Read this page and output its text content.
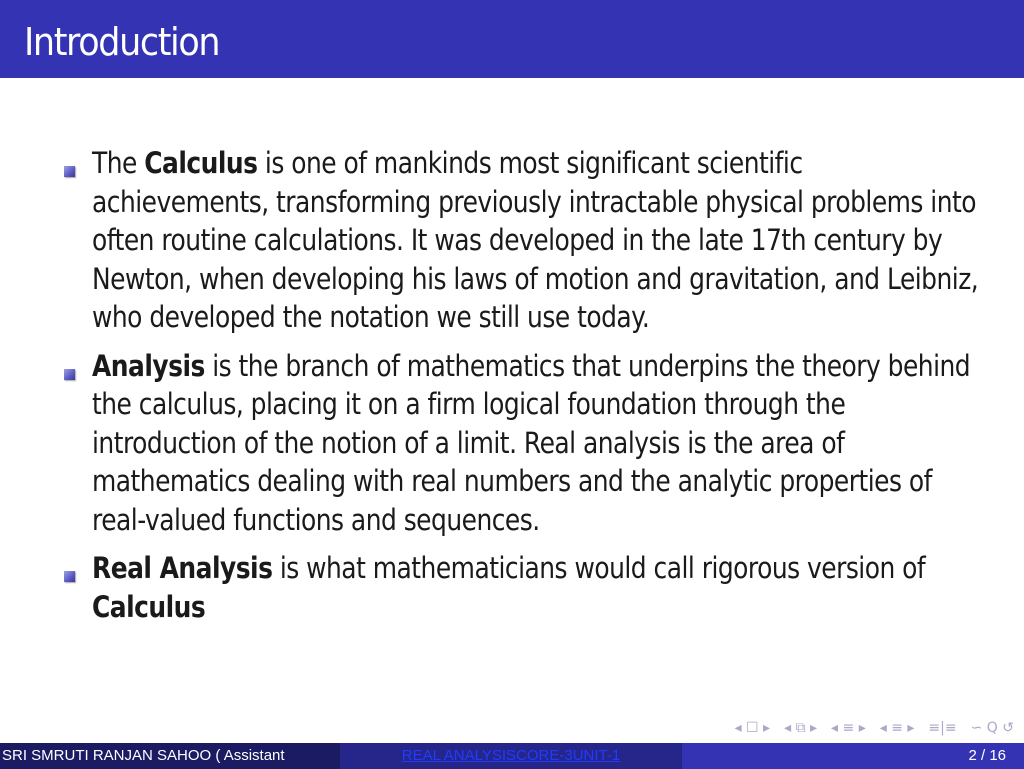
Introduction
The Calculus is one of mankinds most significant scientific achievements, transforming previously intractable physical problems into often routine calculations. It was developed in the late 17th century by Newton, when developing his laws of motion and gravitation, and Leibniz, who developed the notation we still use today.
Analysis is the branch of mathematics that underpins the theory behind the calculus, placing it on a firm logical foundation through the introduction of the notion of a limit. Real analysis is the area of mathematics dealing with real numbers and the analytic properties of real-valued functions and sequences.
Real Analysis is what mathematicians would call rigorous version of
Calculus
◂ ☐ ▸ ◂ ⧉ ▸ ◂ ≡ ▸ ◂ ≡ ▸ ≡|≡ ∽ Q ↺
SRI SMRUTI RANJAN SAHOO ( Assistant	REAL ANALYSISCORE-3UNIT-1	2 / 16
